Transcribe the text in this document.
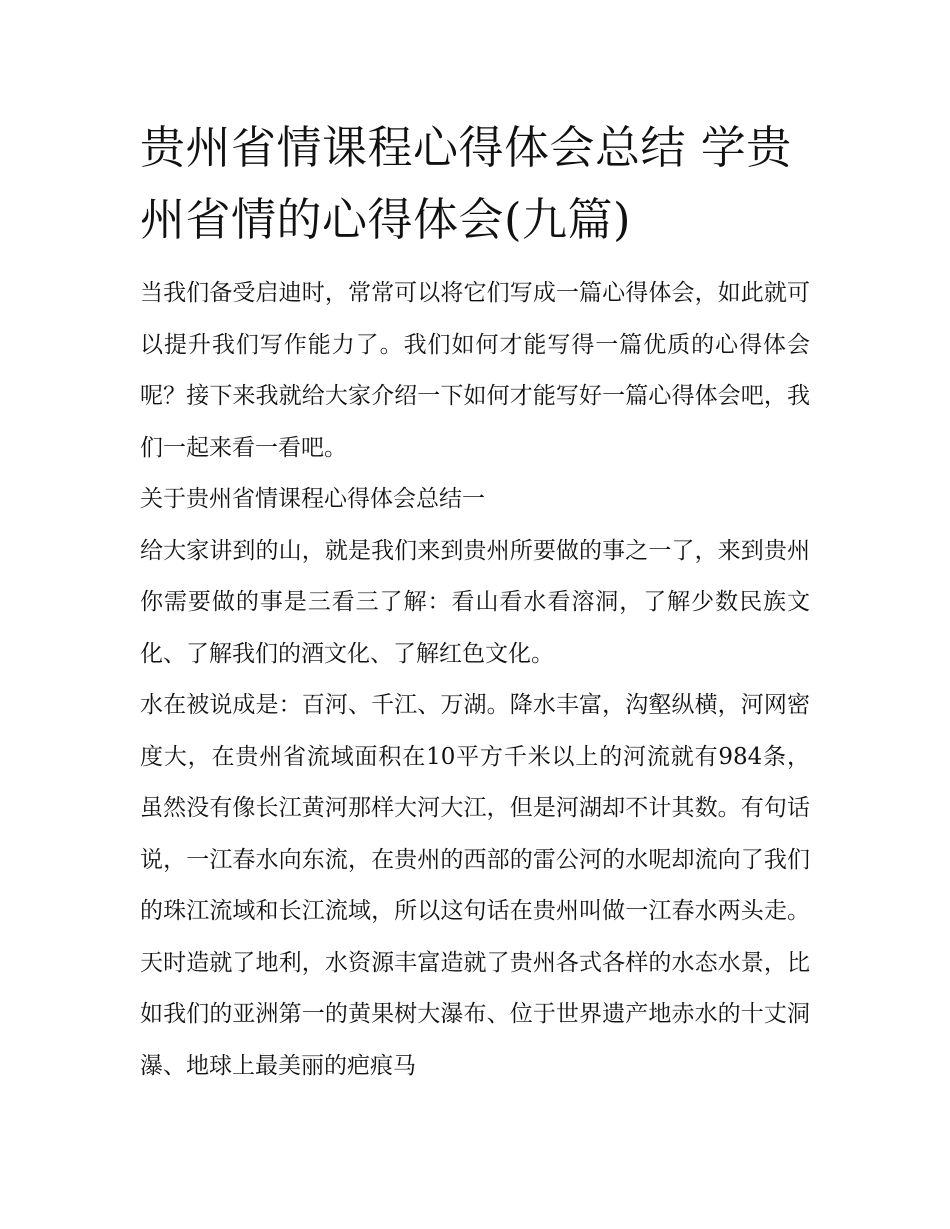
贵州省情课程心得体会总结 学贵州省情的心得体会(九篇)

当我们备受启迪时，常常可以将它们写成一篇心得体会，如此就可以提升我们写作能力了。我们如何才能写得一篇优质的心得体会呢？接下来我就给大家介绍一下如何才能写好一篇心得体会吧，我们一起来看一看吧。

关于贵州省情课程心得体会总结一

给大家讲到的山，就是我们来到贵州所要做的事之一了，来到贵州你需要做的事是三看三了解：看山看水看溶洞，了解少数民族文化、了解我们的酒文化、了解红色文化。

水在被说成是：百河、千江、万湖。降水丰富，沟壑纵横，河网密度大，在贵州省流域面积在10平方千米以上的河流就有984条，虽然没有像长江黄河那样大河大江，但是河湖却不计其数。有句话说，一江春水向东流，在贵州的西部的雷公河的水呢却流向了我们的珠江流域和长江流域，所以这句话在贵州叫做一江春水两头走。天时造就了地利，水资源丰富造就了贵州各式各样的水态水景，比如我们的亚洲第一的黄果树大瀑布、位于世界遗产地赤水的十丈洞瀑、地球上最美丽的疤痕马
